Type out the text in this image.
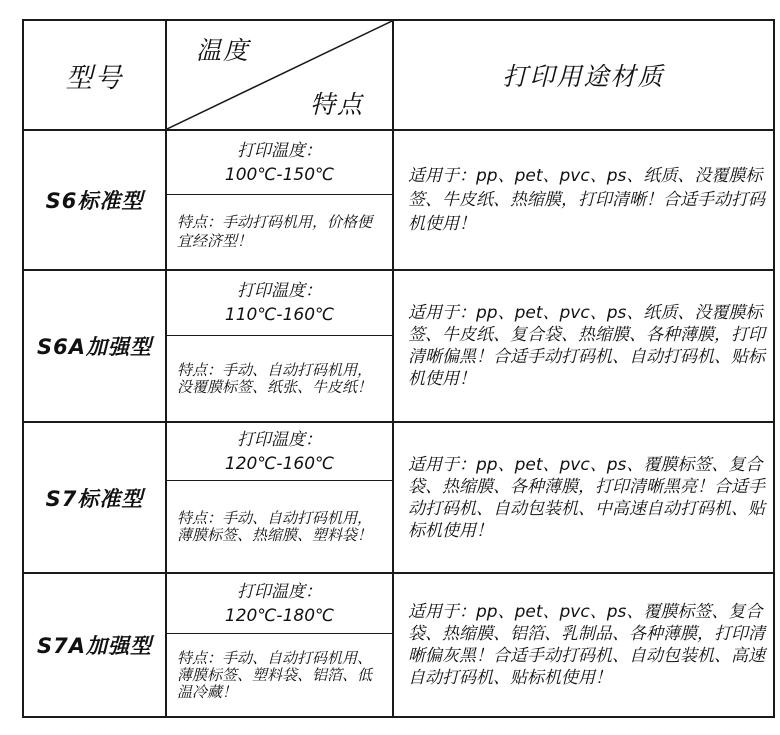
型号
温度
特点
打印用途材质
S6标准型
打印温度：
100℃-150℃
特点：手动打码机用，价格便宜经济型！
适用于：pp、pet、pvc、ps、纸质、没覆膜标签、牛皮纸、热缩膜，打印清晰！合适手动打码机使用！
S6A加强型
打印温度：
110℃-160℃
特点：手动、自动打码机用，没覆膜标签、纸张、牛皮纸！
适用于：pp、pet、pvc、ps、纸质、没覆膜标签、牛皮纸、复合袋、热缩膜、各种薄膜，打印清晰偏黑！合适手动打码机、自动打码机、贴标机使用！
S7标准型
打印温度：
120℃-160℃
特点：手动、自动打码机用，薄膜标签、热缩膜、塑料袋！
适用于：pp、pet、pvc、ps、覆膜标签、复合袋、热缩膜、各种薄膜，打印清晰黑亮！合适手动打码机、自动包装机、中高速自动打码机、贴标机使用！
S7A加强型
打印温度：
120℃-180℃
特点：手动、自动打码机用、薄膜标签、塑料袋、铝箔、低温冷藏！
适用于：pp、pet、pvc、ps、覆膜标签、复合袋、热缩膜、铝箔、乳制品、各种薄膜，打印清晰偏灰黑！合适手动打码机、自动包装机、高速自动打码机、贴标机使用！
